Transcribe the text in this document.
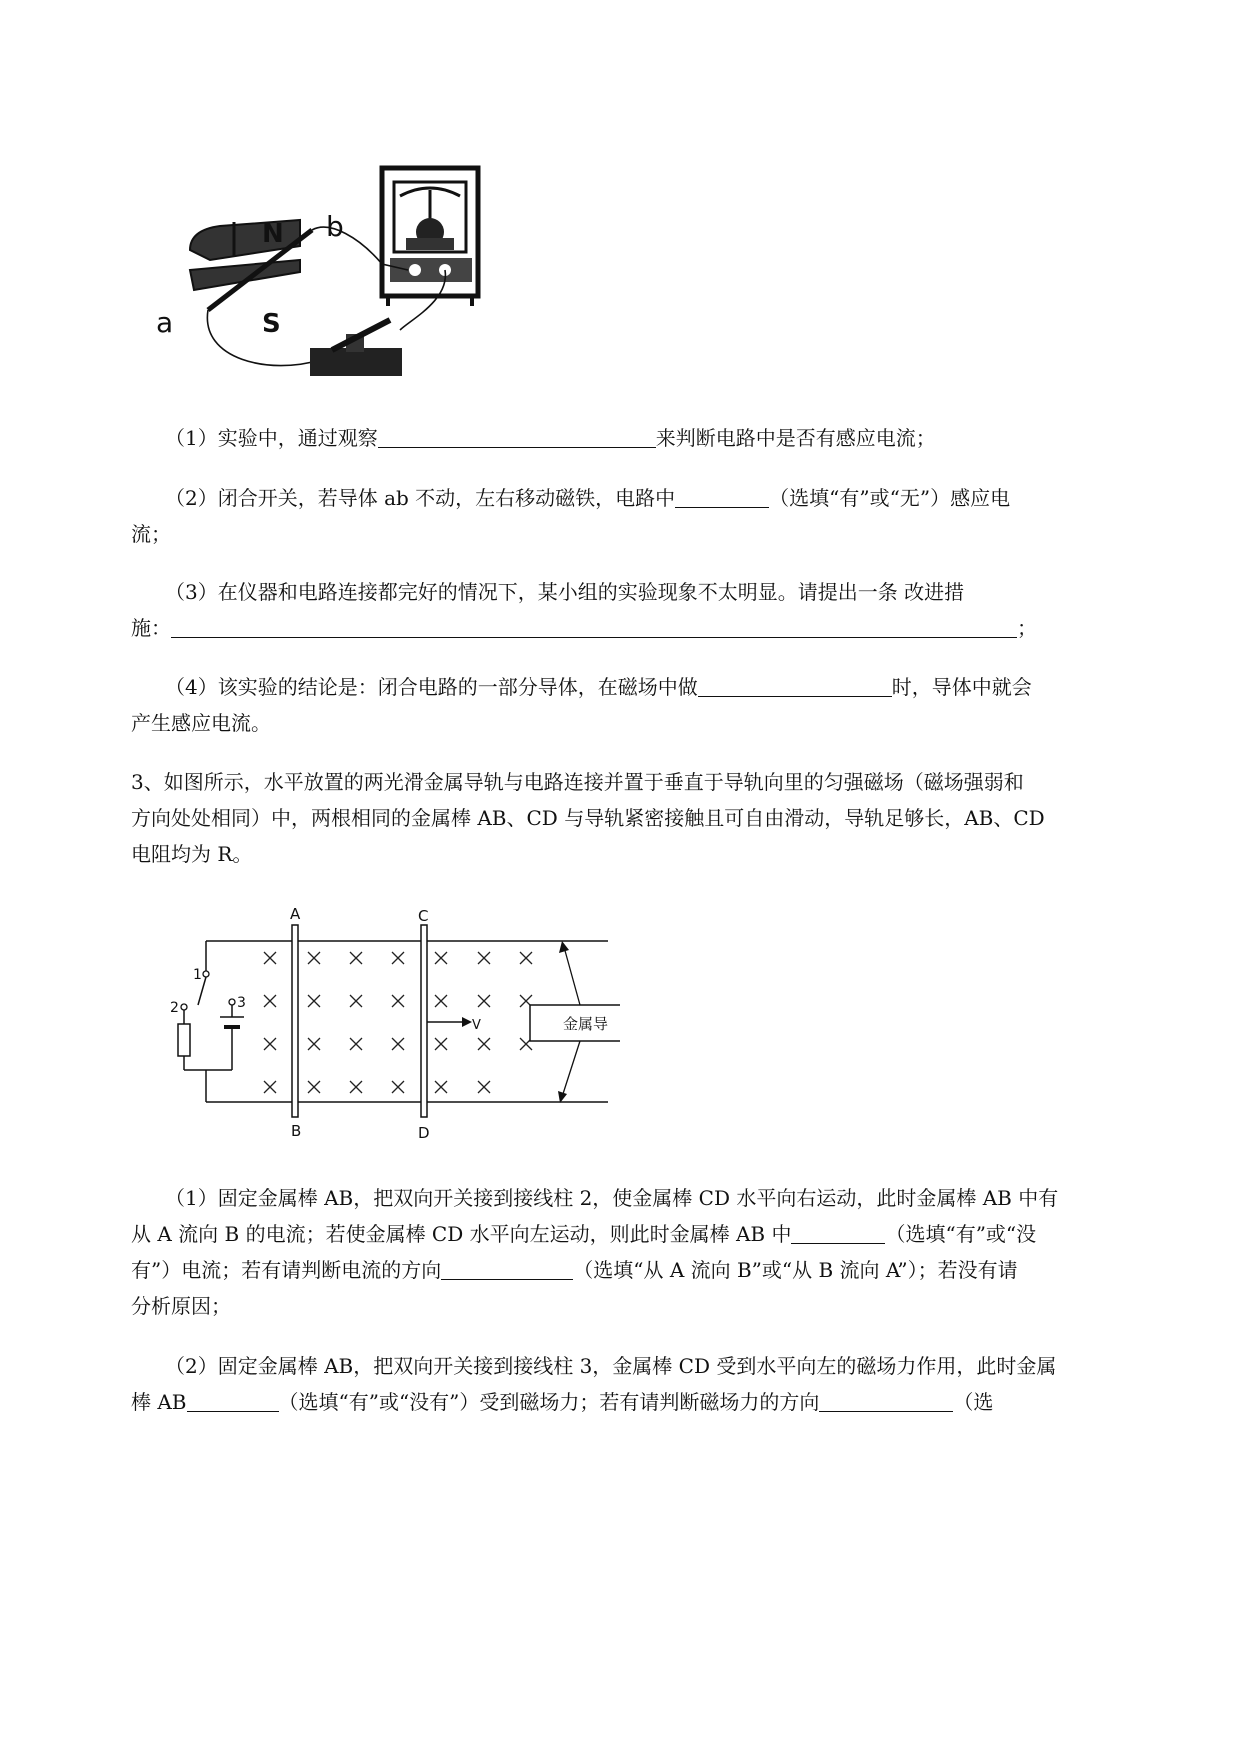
N b
a	S
（1）实验中，通过观察	来判断电路中是否有感应电流；
（2）闭合开关，若导体 ab 不动，左右移动磁铁，电路中	（选填“有”或“无”）感应电
流；
（3）在仪器和电路连接都完好的情况下，某小组的实验现象不太明显。请提出一条 改进措
施：	；
（4）该实验的结论是：闭合电路的一部分导体，在磁场中做	时，导体中就会
产生感应电流。
3、如图所示，水平放置的两光滑金属导轨与电路连接并置于垂直于导轨向里的匀强磁场（磁场强弱和
方向处处相同）中，两根相同的金属棒 AB、CD 与导轨紧密接触且可自由滑动，导轨足够长，AB、CD
电阻均为 R。
A
B
C
D
1
2	3
V	金属导
（1）固定金属棒 AB，把双向开关接到接线柱 2，使金属棒 CD 水平向右运动，此时金属棒 AB 中有
从 A 流向 B 的电流；若使金属棒 CD 水平向左运动，则此时金属棒 AB 中	（选填“有”或“没
有”）电流；若有请判断电流的方向	（选填“从 A 流向 B”或“从 B 流向 A”）；若没有请
分析原因；
（2）固定金属棒 AB，把双向开关接到接线柱 3，金属棒 CD 受到水平向左的磁场力作用，此时金属
棒 AB	（选填“有”或“没有”）受到磁场力；若有请判断磁场力的方向	（选
